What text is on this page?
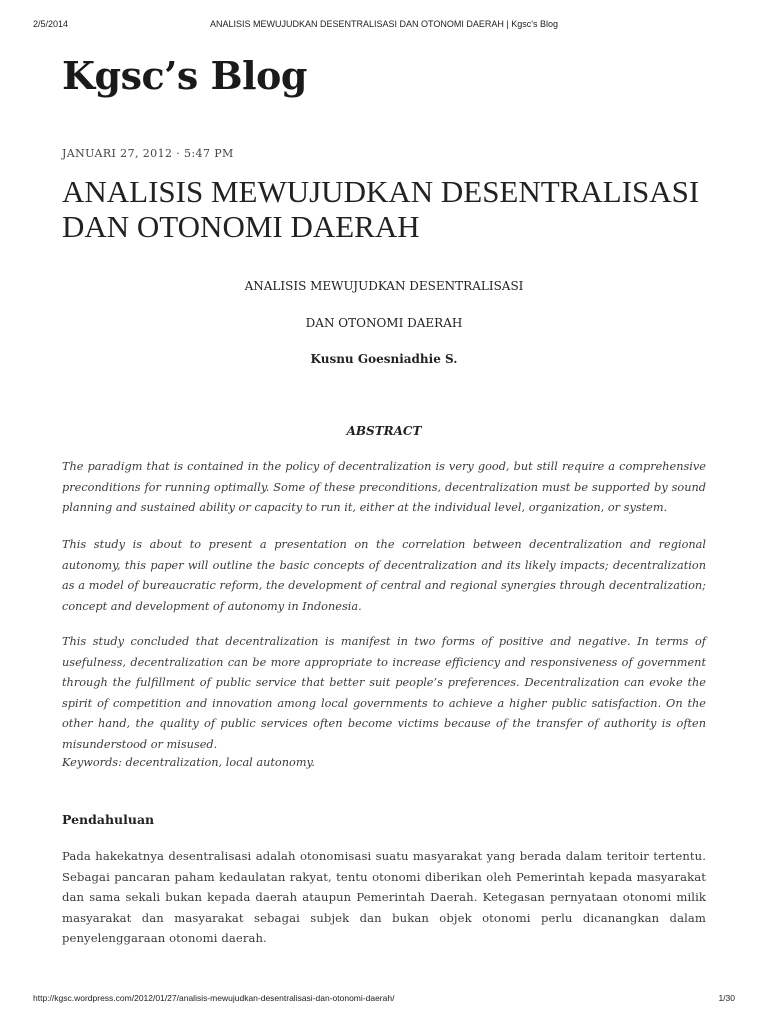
2/5/2014	ANALISIS MEWUJUDKAN DESENTRALISASI DAN OTONOMI DAERAH | Kgsc's Blog
Kgsc’s Blog
JANUARI 27, 2012 · 5:47 PM
ANALISIS MEWUJUDKAN DESENTRALISASI DAN OTONOMI DAERAH
ANALISIS MEWUJUDKAN DESENTRALISASI
DAN OTONOMI DAERAH
Kusnu Goesniadhie S.
ABSTRACT

The paradigm that is contained in the policy of decentralization is very good, but still require a comprehensive preconditions for running optimally. Some of these preconditions, decentralization must be supported by sound planning and sustained ability or capacity to run it, either at the individual level, organization, or system.

This study is about to present a presentation on the correlation between decentralization and regional autonomy, this paper will outline the basic concepts of decentralization and its likely impacts; decentralization as a model of bureaucratic reform, the development of central and regional synergies through decentralization; concept and development of autonomy in Indonesia.

This study concluded that decentralization is manifest in two forms of positive and negative. In terms of usefulness, decentralization can be more appropriate to increase efficiency and responsiveness of government through the fulfillment of public service that better suit people’s preferences. Decentralization can evoke the spirit of competition and innovation among local governments to achieve a higher public satisfaction. On the other hand, the quality of public services often become victims because of the transfer of authority is often misunderstood or misused.

Keywords: decentralization, local autonomy.

Pendahuluan

Pada hakekatnya desentralisasi adalah otonomisasi suatu masyarakat yang berada dalam teritoir tertentu. Sebagai pancaran paham kedaulatan rakyat, tentu otonomi diberikan oleh Pemerintah kepada masyarakat dan sama sekali bukan kepada daerah ataupun Pemerintah Daerah. Ketegasan pernyataan otonomi milik masyarakat dan masyarakat sebagai subjek dan bukan objek otonomi perlu dicanangkan dalam penyelenggaraan otonomi daerah.

http://kgsc.wordpress.com/2012/01/27/analisis-mewujudkan-desentralisasi-dan-otonomi-daerah/	1/30
